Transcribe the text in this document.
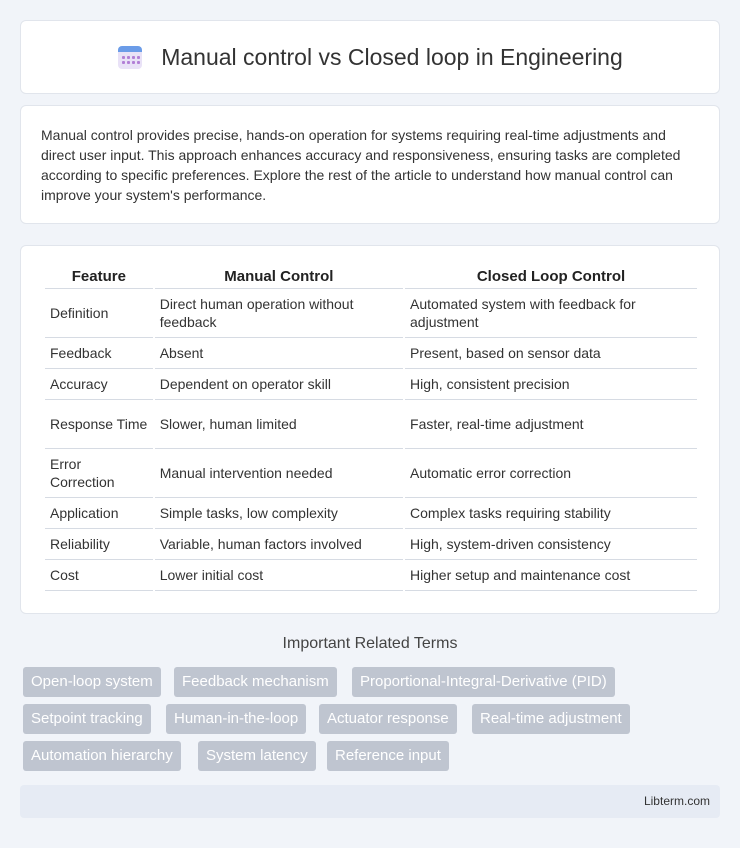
Manual control vs Closed loop in Engineering

Manual control provides precise, hands-on operation for systems requiring real-time adjustments and direct user input. This approach enhances accuracy and responsiveness, ensuring tasks are completed according to specific preferences. Explore the rest of the article to understand how manual control can improve your system's performance.

Feature	Manual Control	Closed Loop Control
Definition	Direct human operation without feedback	Automated system with feedback for adjustment
Feedback	Absent	Present, based on sensor data
Accuracy	Dependent on operator skill	High, consistent precision
Response Time	Slower, human limited	Faster, real-time adjustment
Error Correction	Manual intervention needed	Automatic error correction
Application	Simple tasks, low complexity	Complex tasks requiring stability
Reliability	Variable, human factors involved	High, system-driven consistency
Cost	Lower initial cost	Higher setup and maintenance cost
Important Related Terms
Open-loop system	Feedback mechanism	Proportional-Integral-Derivative (PID)
Setpoint tracking	Human-in-the-loop	Actuator response	Real-time adjustment
Automation hierarchy	System latency	Reference input
Libterm.com
